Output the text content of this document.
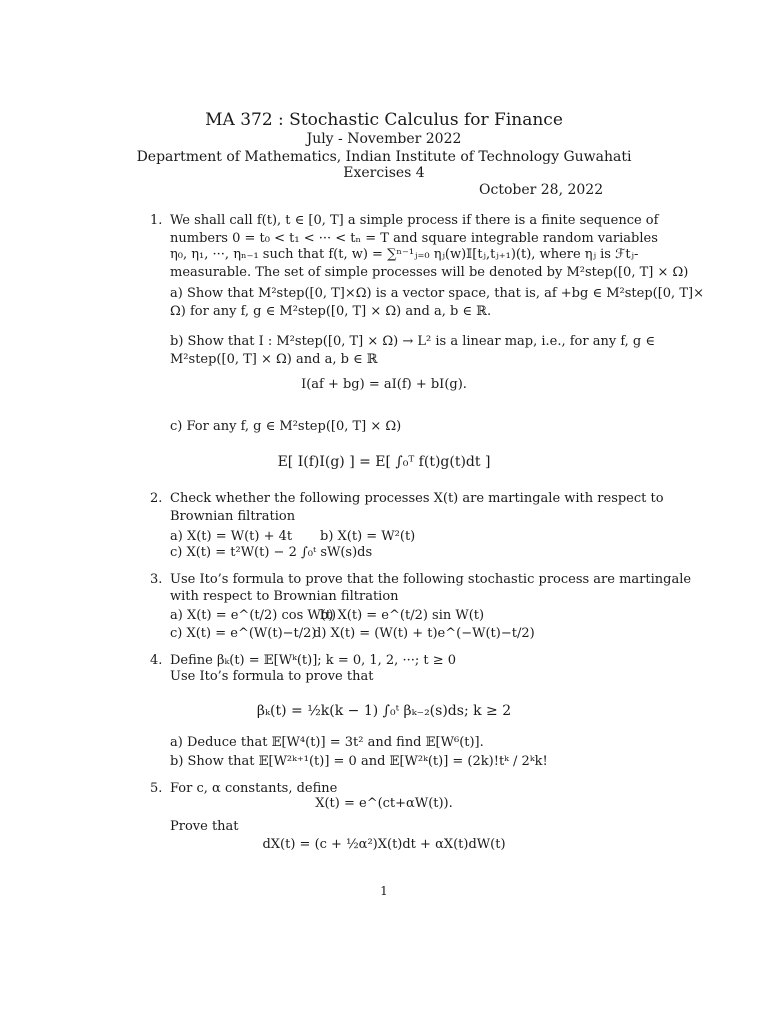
MA 372 : Stochastic Calculus for Finance
July - November 2022
Department of Mathematics, Indian Institute of Technology Guwahati
Exercises 4
October 28, 2022
1. We shall call f(t), t ∈ [0, T] a simple process if there is a finite sequence of
numbers 0 = t₀ < t₁ < ··· < tₙ = T and square integrable random variables
η₀, η₁, ···, ηₙ₋₁ such that f(t, w) = ∑ⁿ⁻¹ⱼ₌₀ ηⱼ(w)𝕀[tⱼ,tⱼ₊₁)(t), where ηⱼ is ℱtⱼ-
measurable. The set of simple processes will be denoted by M²step([0, T] × Ω)
a) Show that M²step([0, T]×Ω) is a vector space, that is, af +bg ∈ M²step([0, T]×
Ω) for any f, g ∈ M²step([0, T] × Ω) and a, b ∈ ℝ.
b) Show that I : M²step([0, T] × Ω) → L² is a linear map, i.e., for any f, g ∈
M²step([0, T] × Ω) and a, b ∈ ℝ
I(af + bg) = aI(f) + bI(g).
c) For any f, g ∈ M²step([0, T] × Ω)
E[ I(f)I(g) ] = E[ ∫₀ᵀ f(t)g(t)dt ]
2. Check whether the following processes X(t) are martingale with respect to
Brownian filtration
a) X(t) = W(t) + 4t b) X(t) = W²(t)
c) X(t) = t²W(t) − 2 ∫₀ᵗ sW(s)ds
3. Use Ito’s formula to prove that the following stochastic process are martingale
with respect to Brownian filtration
a) X(t) = e^(t/2) cos W(t)
b) X(t) = e^(t/2) sin W(t)
c) X(t) = e^(W(t)−t/2)
d) X(t) = (W(t) + t)e^(−W(t)−t/2)
4. Define βₖ(t) = 𝔼[Wᵏ(t)]; k = 0, 1, 2, ···; t ≥ 0
Use Ito’s formula to prove that
βₖ(t) = ½k(k − 1) ∫₀ᵗ βₖ₋₂(s)ds; k ≥ 2
a) Deduce that 𝔼[W⁴(t)] = 3t² and find 𝔼[W⁶(t)].
b) Show that 𝔼[W²ᵏ⁺¹(t)] = 0 and 𝔼[W²ᵏ(t)] = (2k)!tᵏ / 2ᵏk!
5. For c, α constants, define
X(t) = e^(ct+αW(t)).
Prove that
dX(t) = (c + ½α²)X(t)dt + αX(t)dW(t)
1
